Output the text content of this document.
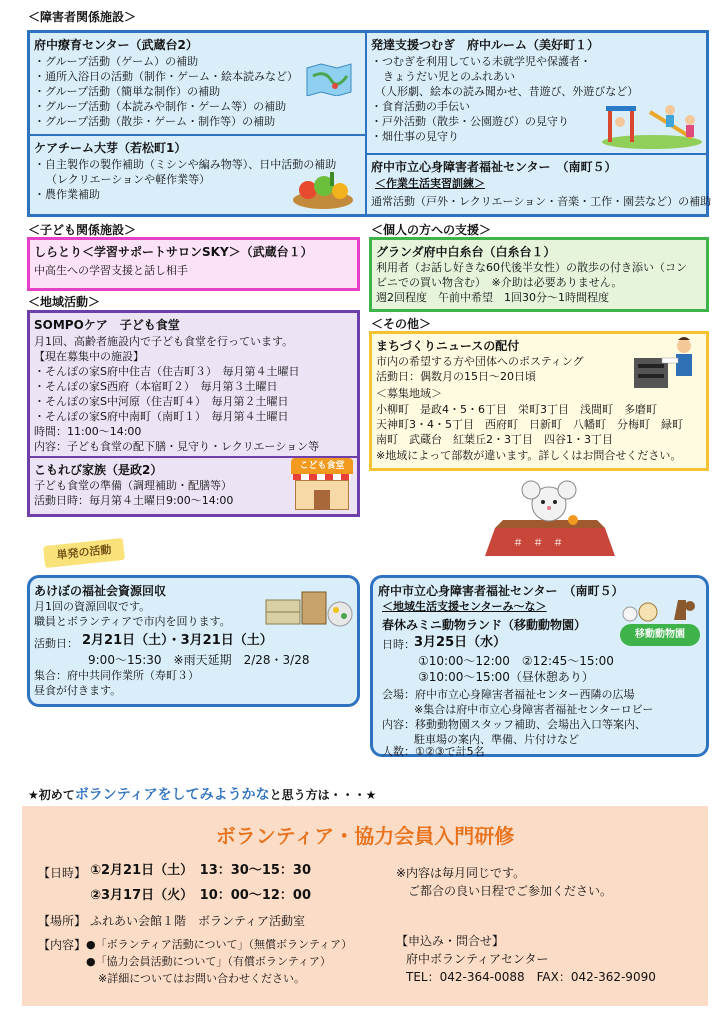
＜障害者関係施設＞
府中療育センター（武蔵台2）
・グループ活動（ゲーム）の補助
・通所入浴日の活動（制作・ゲーム・絵本読みなど）
・グループ活動（簡単な制作）の補助
・グループ活動（本読みや制作・ゲーム等）の補助
・グループ活動（散歩・ゲーム・制作等）の補助
ケアチーム大芽（若松町1）
・自主製作の製作補助（ミシンや編み物等）、日中活動の補助
（レクリエーションや軽作業等）
・農作業補助
発達支援つむぎ　府中ルーム（美好町１）
・つむぎを利用している未就学児や保護者・
きょうだい児とのふれあい
（人形劇、絵本の読み聞かせ、昔遊び、外遊びなど）
・食育活動の手伝い
・戸外活動（散歩・公園遊び）の見守り
・畑仕事の見守り
府中市立心身障害者福祉センター　（南町５）
＜作業生活実習訓練＞
通常活動（戸外・レクリエーション・音楽・工作・園芸など）の補助
＜子ども関係施設＞
しらとり＜学習サポートサロンSKY＞（武蔵台１）
中高生への学習支援と話し相手
＜個人の方への支援＞
グランダ府中白糸台（白糸台１）
利用者（お話し好きな60代後半女性）の散歩の付き添い（コン
ビニでの買い物含む）　※介助は必要ありません。
週2回程度　午前中希望　1回30分～1時間程度
＜地域活動＞
SOMPOケア　子ども食堂
月1回、高齢者施設内で子ども食堂を行っています。
【現在募集中の施設】
・そんぽの家S府中住吉（住吉町３）　毎月第４土曜日
・そんぽの家S西府（本宿町２）　毎月第３土曜日
・そんぽの家S中河原（住吉町４）　毎月第２土曜日
・そんぽの家S府中南町（南町１）　毎月第４土曜日
時間：11:00～14:00
内容：子ども食堂の配下膳・見守り・レクリエーション等
こもれび家族（是政2）
子ども食堂の準備（調理補助・配膳等）
活動日時：毎月第４土曜日9:00～14:00
こども食堂
＜その他＞
まちづくりニュースの配付
市内の希望する方や団体へのポスティング
活動日：偶数月の15日～20日頃
＜募集地域＞
小柳町　是政4・5・6丁目　栄町3丁目　浅間町　多磨町
天神町3・4・5丁目　西府町　日新町　八幡町　分梅町　緑町
南町　武蔵台　紅葉丘2・3丁目　四谷1・3丁目
※地域によって部数が違います。詳しくはお問合せください。
＃　＃　＃
単発の活動
あけぼの福祉会資源回収
月1回の資源回収です。
職員とボランティアで市内を回ります。
活動日： 2月21日（土）・3月21日（土）
9:00～15:30　※雨天延期　2/28・3/28
集合：府中共同作業所（寿町３）
昼食が付きます。
府中市立心身障害者福祉センター　（南町５）
＜地域生活支援センターみ～な＞
春休みミニ動物ランド（移動動物園）
日時： 3月25日（水）
①10:00～12:00　②12:45～15:00
③10:00～15:00（昼休憩あり）
会場：府中市立心身障害者福祉センター西隣の広場
※集合は府中市立心身障害者福祉センターロビー
内容：移動動物園スタッフ補助、会場出入口等案内、
駐車場の案内、準備、片付けなど
人数：①②③で計5名
移動動物園
★初めてボランティアをしてみようかなと思う方は・・・★
ボランティア・協力会員入門研修
【日時】 ①2月21日（土）　13：30～15：30
②3月17日（火）　10：00～12：00
【場所】 ふれあい会館１階　ボランティア活動室
【内容】 ●「ボランティア活動について」（無償ボランティア）
●「協力会員活動について」（有償ボランティア）
※詳細についてはお問い合わせください。
※内容は毎月同じです。
ご都合の良い日程でご参加ください。
【申込み・問合せ】
府中ボランティアセンター
TEL：042-364-0088　FAX：042-362-9090
